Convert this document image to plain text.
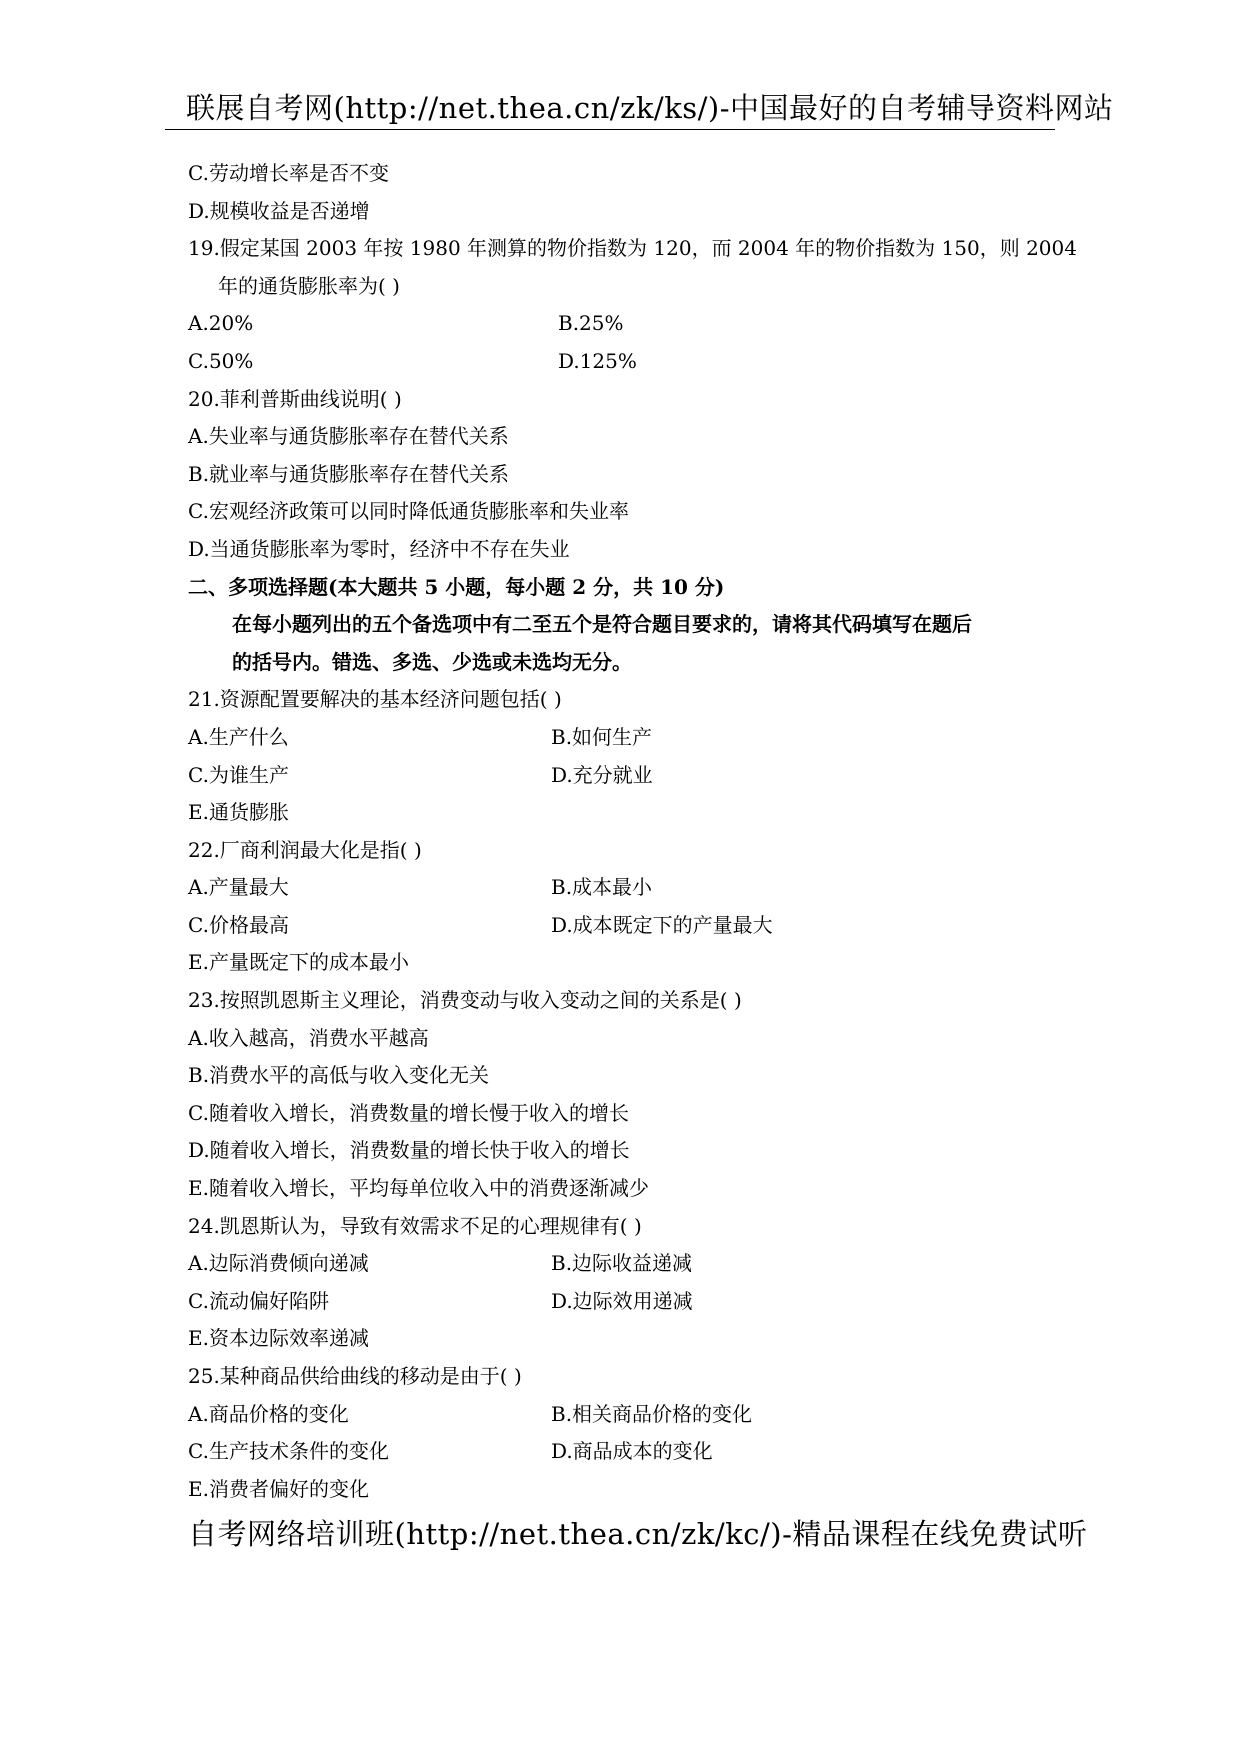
联展自考网(http://net.thea.cn/zk/ks/)-中国最好的自考辅导资料网站
C.劳动增长率是否不变
D.规模收益是否递增
19.假定某国 2003 年按 1980 年测算的物价指数为 120，而 2004 年的物价指数为 150，则 2004
年的通货膨胀率为( )
A.20%	B.25%
C.50%	D.125%
20.菲利普斯曲线说明( )
A.失业率与通货膨胀率存在替代关系
B.就业率与通货膨胀率存在替代关系
C.宏观经济政策可以同时降低通货膨胀率和失业率
D.当通货膨胀率为零时，经济中不存在失业
二、多项选择题(本大题共 5 小题，每小题 2 分，共 10 分)
在每小题列出的五个备选项中有二至五个是符合题目要求的，请将其代码填写在题后
的括号内。错选、多选、少选或未选均无分。
21.资源配置要解决的基本经济问题包括( )
A.生产什么	B.如何生产
C.为谁生产	D.充分就业
E.通货膨胀
22.厂商利润最大化是指( )
A.产量最大	B.成本最小
C.价格最高	D.成本既定下的产量最大
E.产量既定下的成本最小
23.按照凯恩斯主义理论，消费变动与收入变动之间的关系是( )
A.收入越高，消费水平越高
B.消费水平的高低与收入变化无关
C.随着收入增长，消费数量的增长慢于收入的增长
D.随着收入增长，消费数量的增长快于收入的增长
E.随着收入增长，平均每单位收入中的消费逐渐减少
24.凯恩斯认为，导致有效需求不足的心理规律有( )
A.边际消费倾向递减	B.边际收益递减
C.流动偏好陷阱	D.边际效用递减
E.资本边际效率递减
25.某种商品供给曲线的移动是由于( )
A.商品价格的变化	B.相关商品价格的变化
C.生产技术条件的变化	D.商品成本的变化
E.消费者偏好的变化
自考网络培训班(http://net.thea.cn/zk/kc/)-精品课程在线免费试听
